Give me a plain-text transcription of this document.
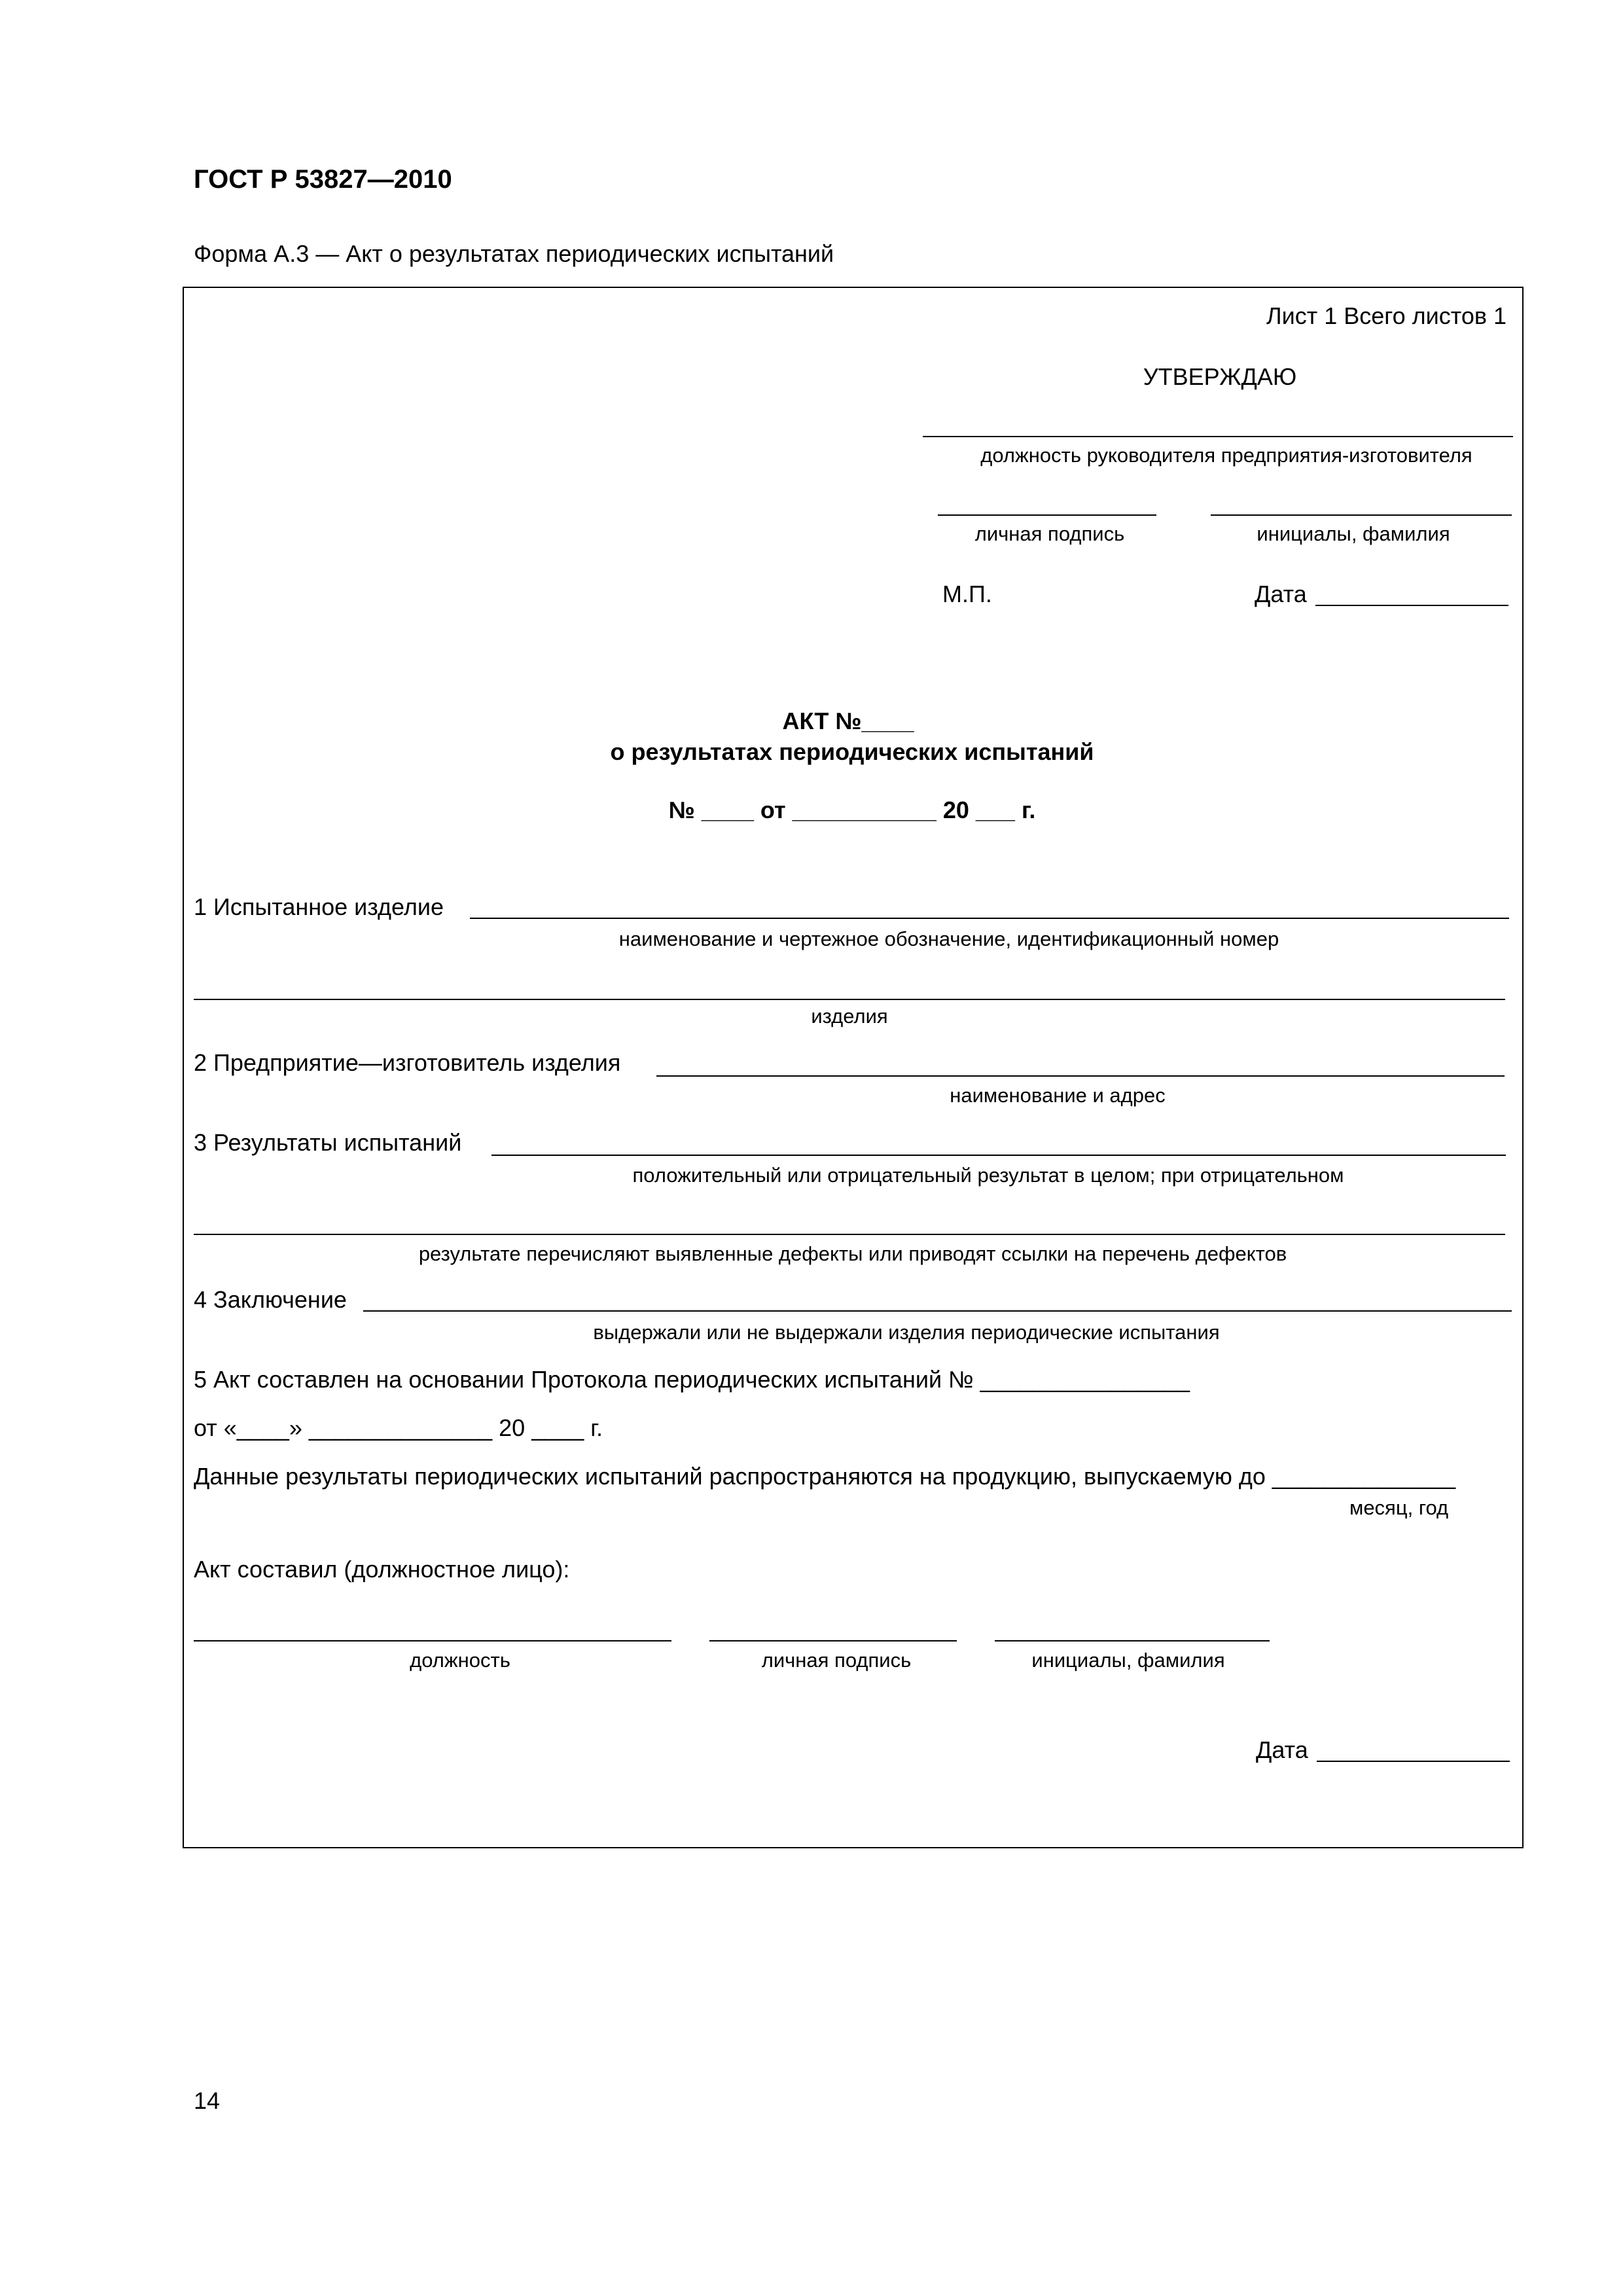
ГОСТ Р 53827—2010
Форма А.3 — Акт о результатах периодических испытаний
Лист 1 Всего листов 1
УТВЕРЖДАЮ
должность руководителя предприятия-изготовителя
личная подпись	инициалы, фамилия
М.П.	Дата
АКТ №____
о результатах периодических испытаний
№ ____ от ___________ 20 ___ г.
1 Испытанное изделие
наименование и чертежное обозначение, идентификационный номер
изделия
2 Предприятие—изготовитель изделия
наименование и адрес
3 Результаты испытаний
положительный или отрицательный результат в целом; при отрицательном
результате перечисляют выявленные дефекты или приводят ссылки на перечень дефектов
4 Заключение
выдержали или не выдержали изделия периодические испытания
5 Акт составлен на основании Протокола периодических испытаний № ________________
от «____» ______________ 20 ____ г.
Данные результаты периодических испытаний распространяются на продукцию, выпускаемую до ______________
месяц, год
Акт составил (должностное лицо):
должность	личная подпись	инициалы, фамилия
Дата
14
